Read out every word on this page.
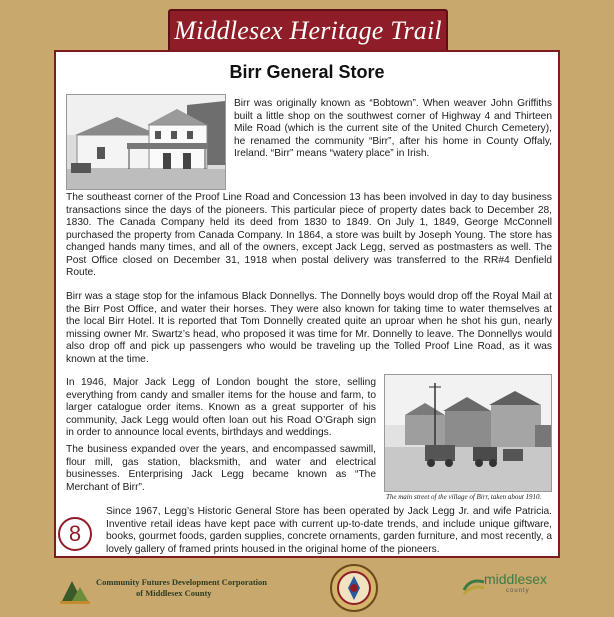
Middlesex Heritage Trail
Birr General Store

Birr was originally known as “Bobtown”. When weaver John Griffiths built a little shop on the southwest corner of Highway 4 and Thirteen Mile Road (which is the current site of the United Church Cemetery), he renamed the community “Birr”, after his home in County Offaly, Ireland. “Birr” means “watery place” in Irish.

The southeast corner of the Proof Line Road and Concession 13 has been involved in day to day business transactions since the days of the pioneers. This particular piece of property dates back to December 28, 1830. The Canada Company held its deed from 1830 to 1849. On July 1, 1849, George McConnell purchased the property from Canada Company. In 1864, a store was built by Joseph Young. The store has changed hands many times, and all of the owners, except Jack Legg, served as postmasters as well. The Post Office closed on December 31, 1918 when postal delivery was transferred to the RR#4 Denfield Route.

Birr was a stage stop for the infamous Black Donnellys. The Donnelly boys would drop off the Royal Mail at the Birr Post Office, and water their horses. They were also known for taking time to water themselves at the local Birr Hotel. It is reported that Tom Donnelly created quite an uproar when he shot his gun, nearly missing owner Mr. Swartz’s head, who proposed it was time for Mr. Donnelly to leave. The Donnellys would also drop off and pick up passengers who would be traveling up the Tolled Proof Line Road, as it was known at the time.

In 1946, Major Jack Legg of London bought the store, selling everything from candy and smaller items for the house and farm, to larger catalogue order items. Known as a great supporter of his community, Jack Legg would often loan out his Road O’Graph sign in order to announce local events, birthdays and weddings.

The business expanded over the years, and encompassed sawmill, flour mill, gas station, blacksmith, and water and electrical businesses. Enterprising Jack Legg became known as “The Merchant of Birr”.

The main street of the village of Birr, taken about 1910.

Since 1967, Legg’s Historic General Store has been operated by Jack Legg Jr. and wife Patricia. Inventive retail ideas have kept pace with current up-to-date trends, and include unique giftware, books, gourmet foods, garden supplies, concrete ornaments, garden furniture, and most recently, a lovely gallery of framed prints housed in the original home of the pioneers.

8
Community Futures Development Corporation
of Middlesex County
middlesex
county
